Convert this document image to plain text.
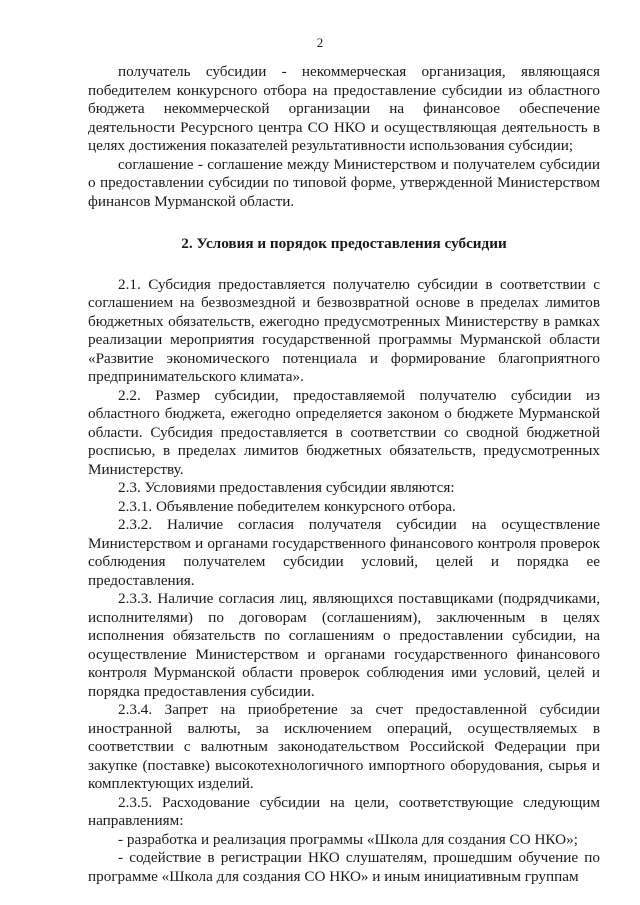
2

получатель субсидии - некоммерческая организация, являющаяся победителем конкурсного отбора на предоставление субсидии из областного бюджета некоммерческой организации на финансовое обеспечение деятельности Ресурсного центра СО НКО и осуществляющая деятельность в целях достижения показателей результативности использования субсидии;

соглашение - соглашение между Министерством и получателем субсидии о предоставлении субсидии по типовой форме, утвержденной Министерством финансов Мурманской области.

2. Условия и порядок предоставления субсидии

2.1. Субсидия предоставляется получателю субсидии в соответствии с соглашением на безвозмездной и безвозвратной основе в пределах лимитов бюджетных обязательств, ежегодно предусмотренных Министерству в рамках реализации мероприятия государственной программы Мурманской области «Развитие экономического потенциала и формирование благоприятного предпринимательского климата».

2.2. Размер субсидии, предоставляемой получателю субсидии из областного бюджета, ежегодно определяется законом о бюджете Мурманской области. Субсидия предоставляется в соответствии со сводной бюджетной росписью, в пределах лимитов бюджетных обязательств, предусмотренных Министерству.

2.3. Условиями предоставления субсидии являются:

2.3.1. Объявление победителем конкурсного отбора.

2.3.2. Наличие согласия получателя субсидии на осуществление Министерством и органами государственного финансового контроля проверок соблюдения получателем субсидии условий, целей и порядка ее предоставления.

2.3.3. Наличие согласия лиц, являющихся поставщиками (подрядчиками, исполнителями) по договорам (соглашениям), заключенным в целях исполнения обязательств по соглашениям о предоставлении субсидии, на осуществление Министерством и органами государственного финансового контроля Мурманской области проверок соблюдения ими условий, целей и порядка предоставления субсидии.

2.3.4. Запрет на приобретение за счет предоставленной субсидии иностранной валюты, за исключением операций, осуществляемых в соответствии с валютным законодательством Российской Федерации при закупке (поставке) высокотехнологичного импортного оборудования, сырья и комплектующих изделий.

2.3.5. Расходование субсидии на цели, соответствующие следующим направлениям:

- разработка и реализация программы «Школа для создания СО НКО»;

- содействие в регистрации НКО слушателям, прошедшим обучение по программе «Школа для создания СО НКО» и иным инициативным группам
